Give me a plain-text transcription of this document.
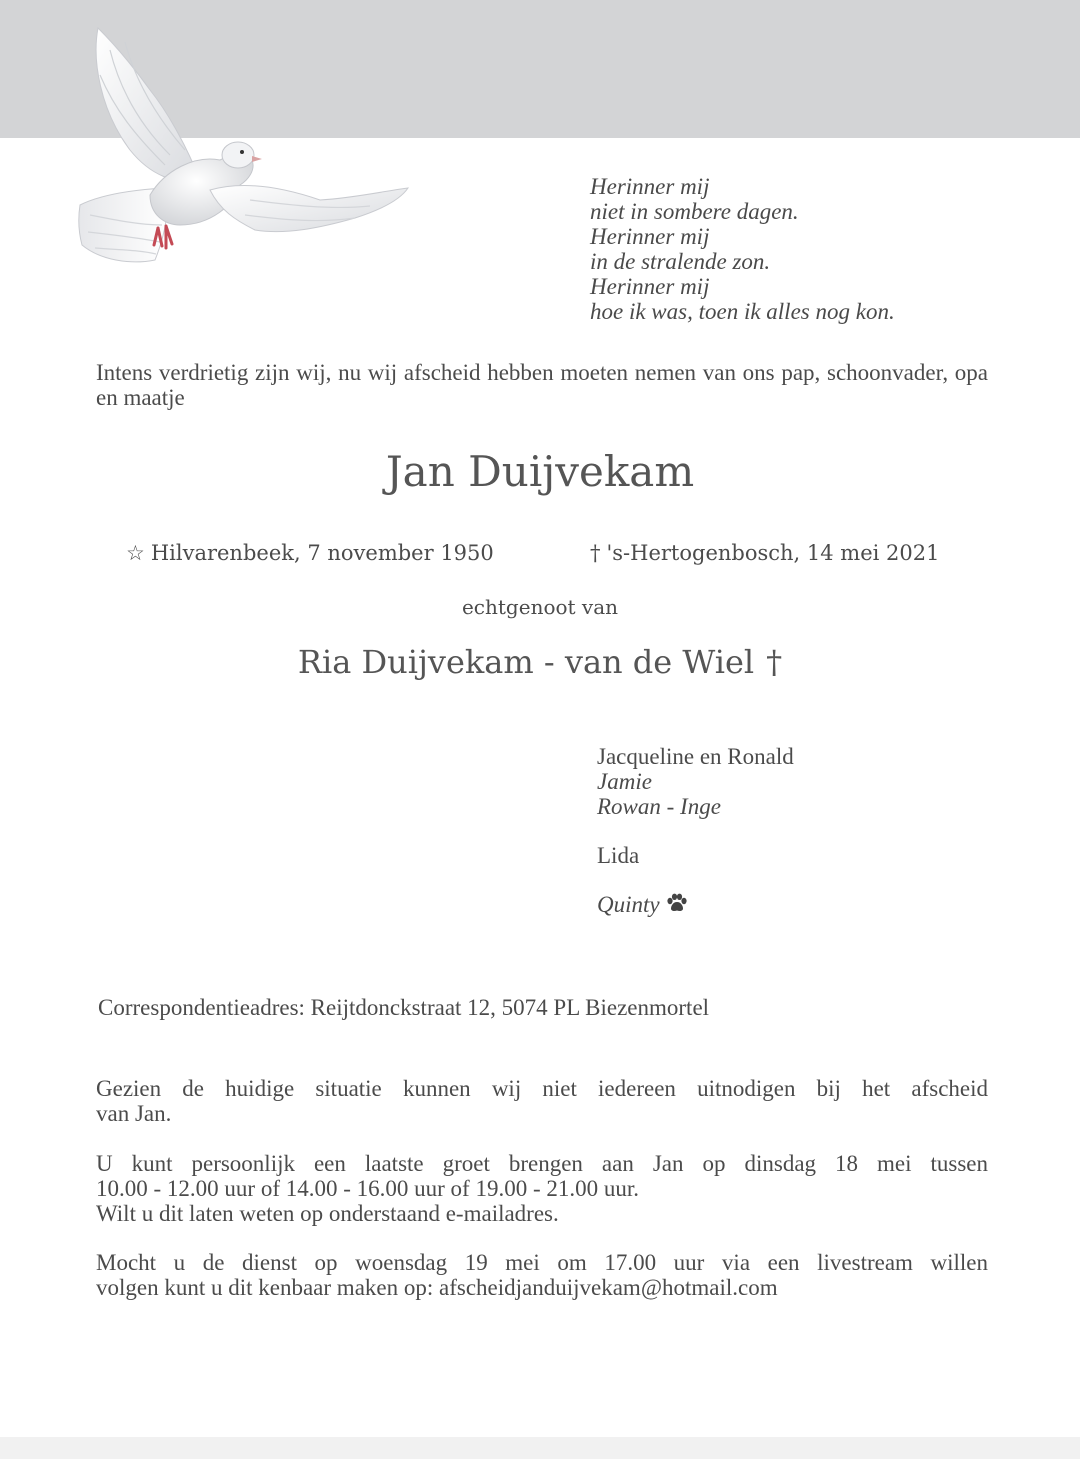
Herinner mij
niet in sombere dagen.
Herinner mij
in de stralende zon.
Herinner mij
hoe ik was, toen ik alles nog kon.
Intens verdrietig zijn wij, nu wij afscheid hebben moeten nemen van ons pap, schoonvader, opa en maatje
Jan Duijvekam
☆ Hilvarenbeek, 7 november 1950	† 's-Hertogenbosch, 14 mei 2021
echtgenoot van
Ria Duijvekam - van de Wiel †
Jacqueline en Ronald
Jamie
Rowan - Inge
Lida
Quinty
Correspondentieadres: Reijtdonckstraat 12, 5074 PL Biezenmortel
Gezien de huidige situatie kunnen wij niet iedereen uitnodigen bij het afscheid
van Jan.
U kunt persoonlijk een laatste groet brengen aan Jan op dinsdag 18 mei tussen
10.00 - 12.00 uur of 14.00 - 16.00 uur of 19.00 - 21.00 uur.
Wilt u dit laten weten op onderstaand e-mailadres.
Mocht u de dienst op woensdag 19 mei om 17.00 uur via een livestream willen
volgen kunt u dit kenbaar maken op: afscheidjanduijvekam@hotmail.com
